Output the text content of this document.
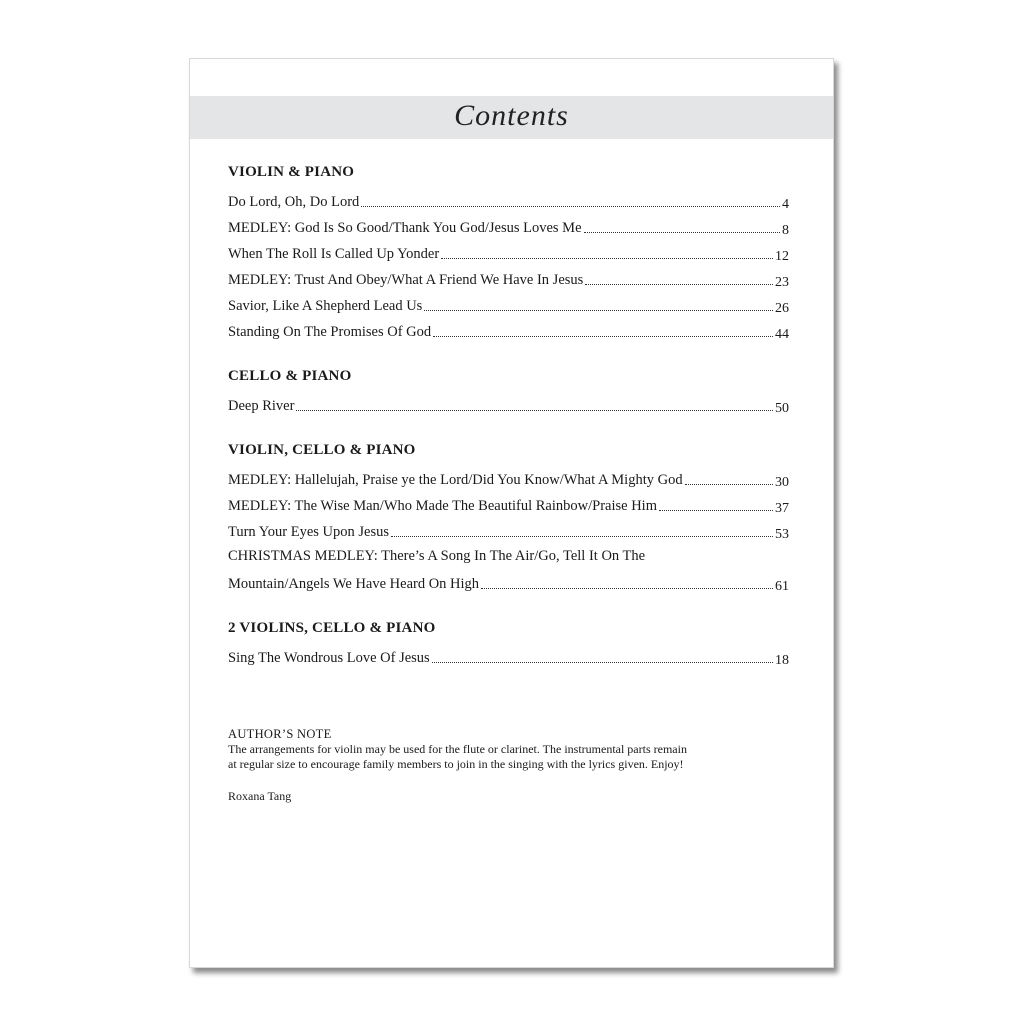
Contents
VIOLIN & PIANO
Do Lord, Oh, Do Lord	4
MEDLEY: God Is So Good/Thank You God/Jesus Loves Me	8
When The Roll Is Called Up Yonder	12
MEDLEY: Trust And Obey/What A Friend We Have In Jesus	23
Savior, Like A Shepherd Lead Us	26
Standing On The Promises Of God	44
CELLO & PIANO
Deep River	50
VIOLIN, CELLO & PIANO
MEDLEY: Hallelujah, Praise ye the Lord/Did You Know/What A Mighty God	30
MEDLEY: The Wise Man/Who Made The Beautiful Rainbow/Praise Him	37
Turn Your Eyes Upon Jesus	53
CHRISTMAS MEDLEY: There’s A Song In The Air/Go, Tell It On The
Mountain/Angels We Have Heard On High	61
2 VIOLINS, CELLO & PIANO
Sing The Wondrous Love Of Jesus	18
AUTHOR’S NOTE
The arrangements for violin may be used for the flute or clarinet. The instrumental parts remain
at regular size to encourage family members to join in the singing with the lyrics given. Enjoy!
Roxana Tang
